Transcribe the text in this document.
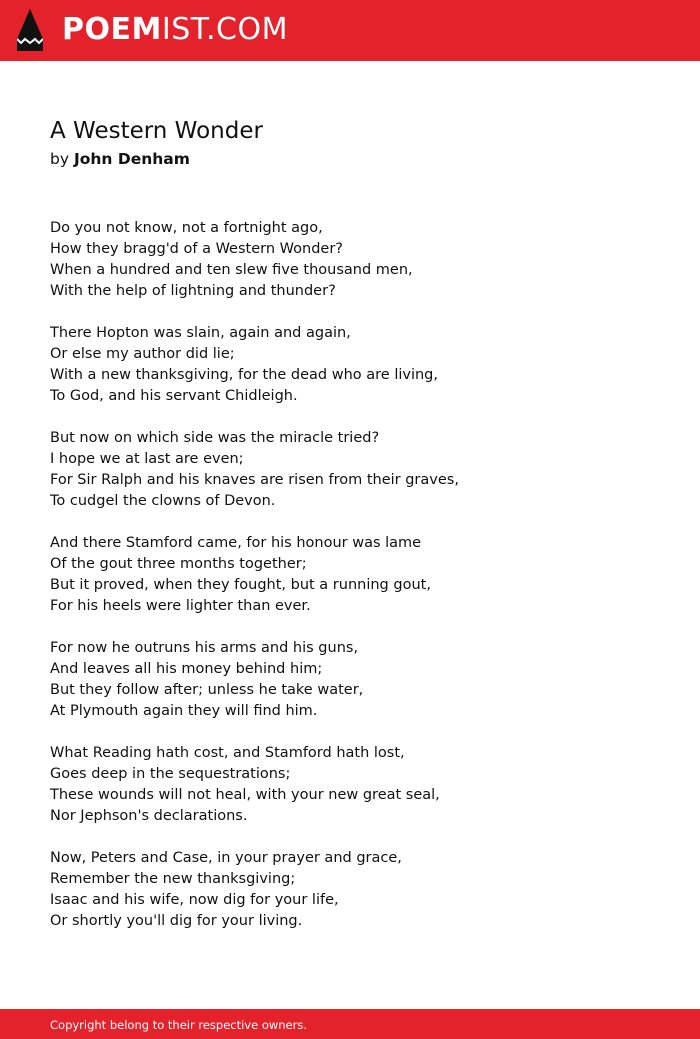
POEMIST.COM
A Western Wonder
by John Denham
Do you not know, not a fortnight ago,
How they bragg'd of a Western Wonder?
When a hundred and ten slew five thousand men,
With the help of lightning and thunder?
There Hopton was slain, again and again,
Or else my author did lie;
With a new thanksgiving, for the dead who are living,
To God, and his servant Chidleigh.
But now on which side was the miracle tried?
I hope we at last are even;
For Sir Ralph and his knaves are risen from their graves,
To cudgel the clowns of Devon.
And there Stamford came, for his honour was lame
Of the gout three months together;
But it proved, when they fought, but a running gout,
For his heels were lighter than ever.
For now he outruns his arms and his guns,
And leaves all his money behind him;
But they follow after; unless he take water,
At Plymouth again they will find him.
What Reading hath cost, and Stamford hath lost,
Goes deep in the sequestrations;
These wounds will not heal, with your new great seal,
Nor Jephson's declarations.
Now, Peters and Case, in your prayer and grace,
Remember the new thanksgiving;
Isaac and his wife, now dig for your life,
Or shortly you'll dig for your living.
Copyright belong to their respective owners.
